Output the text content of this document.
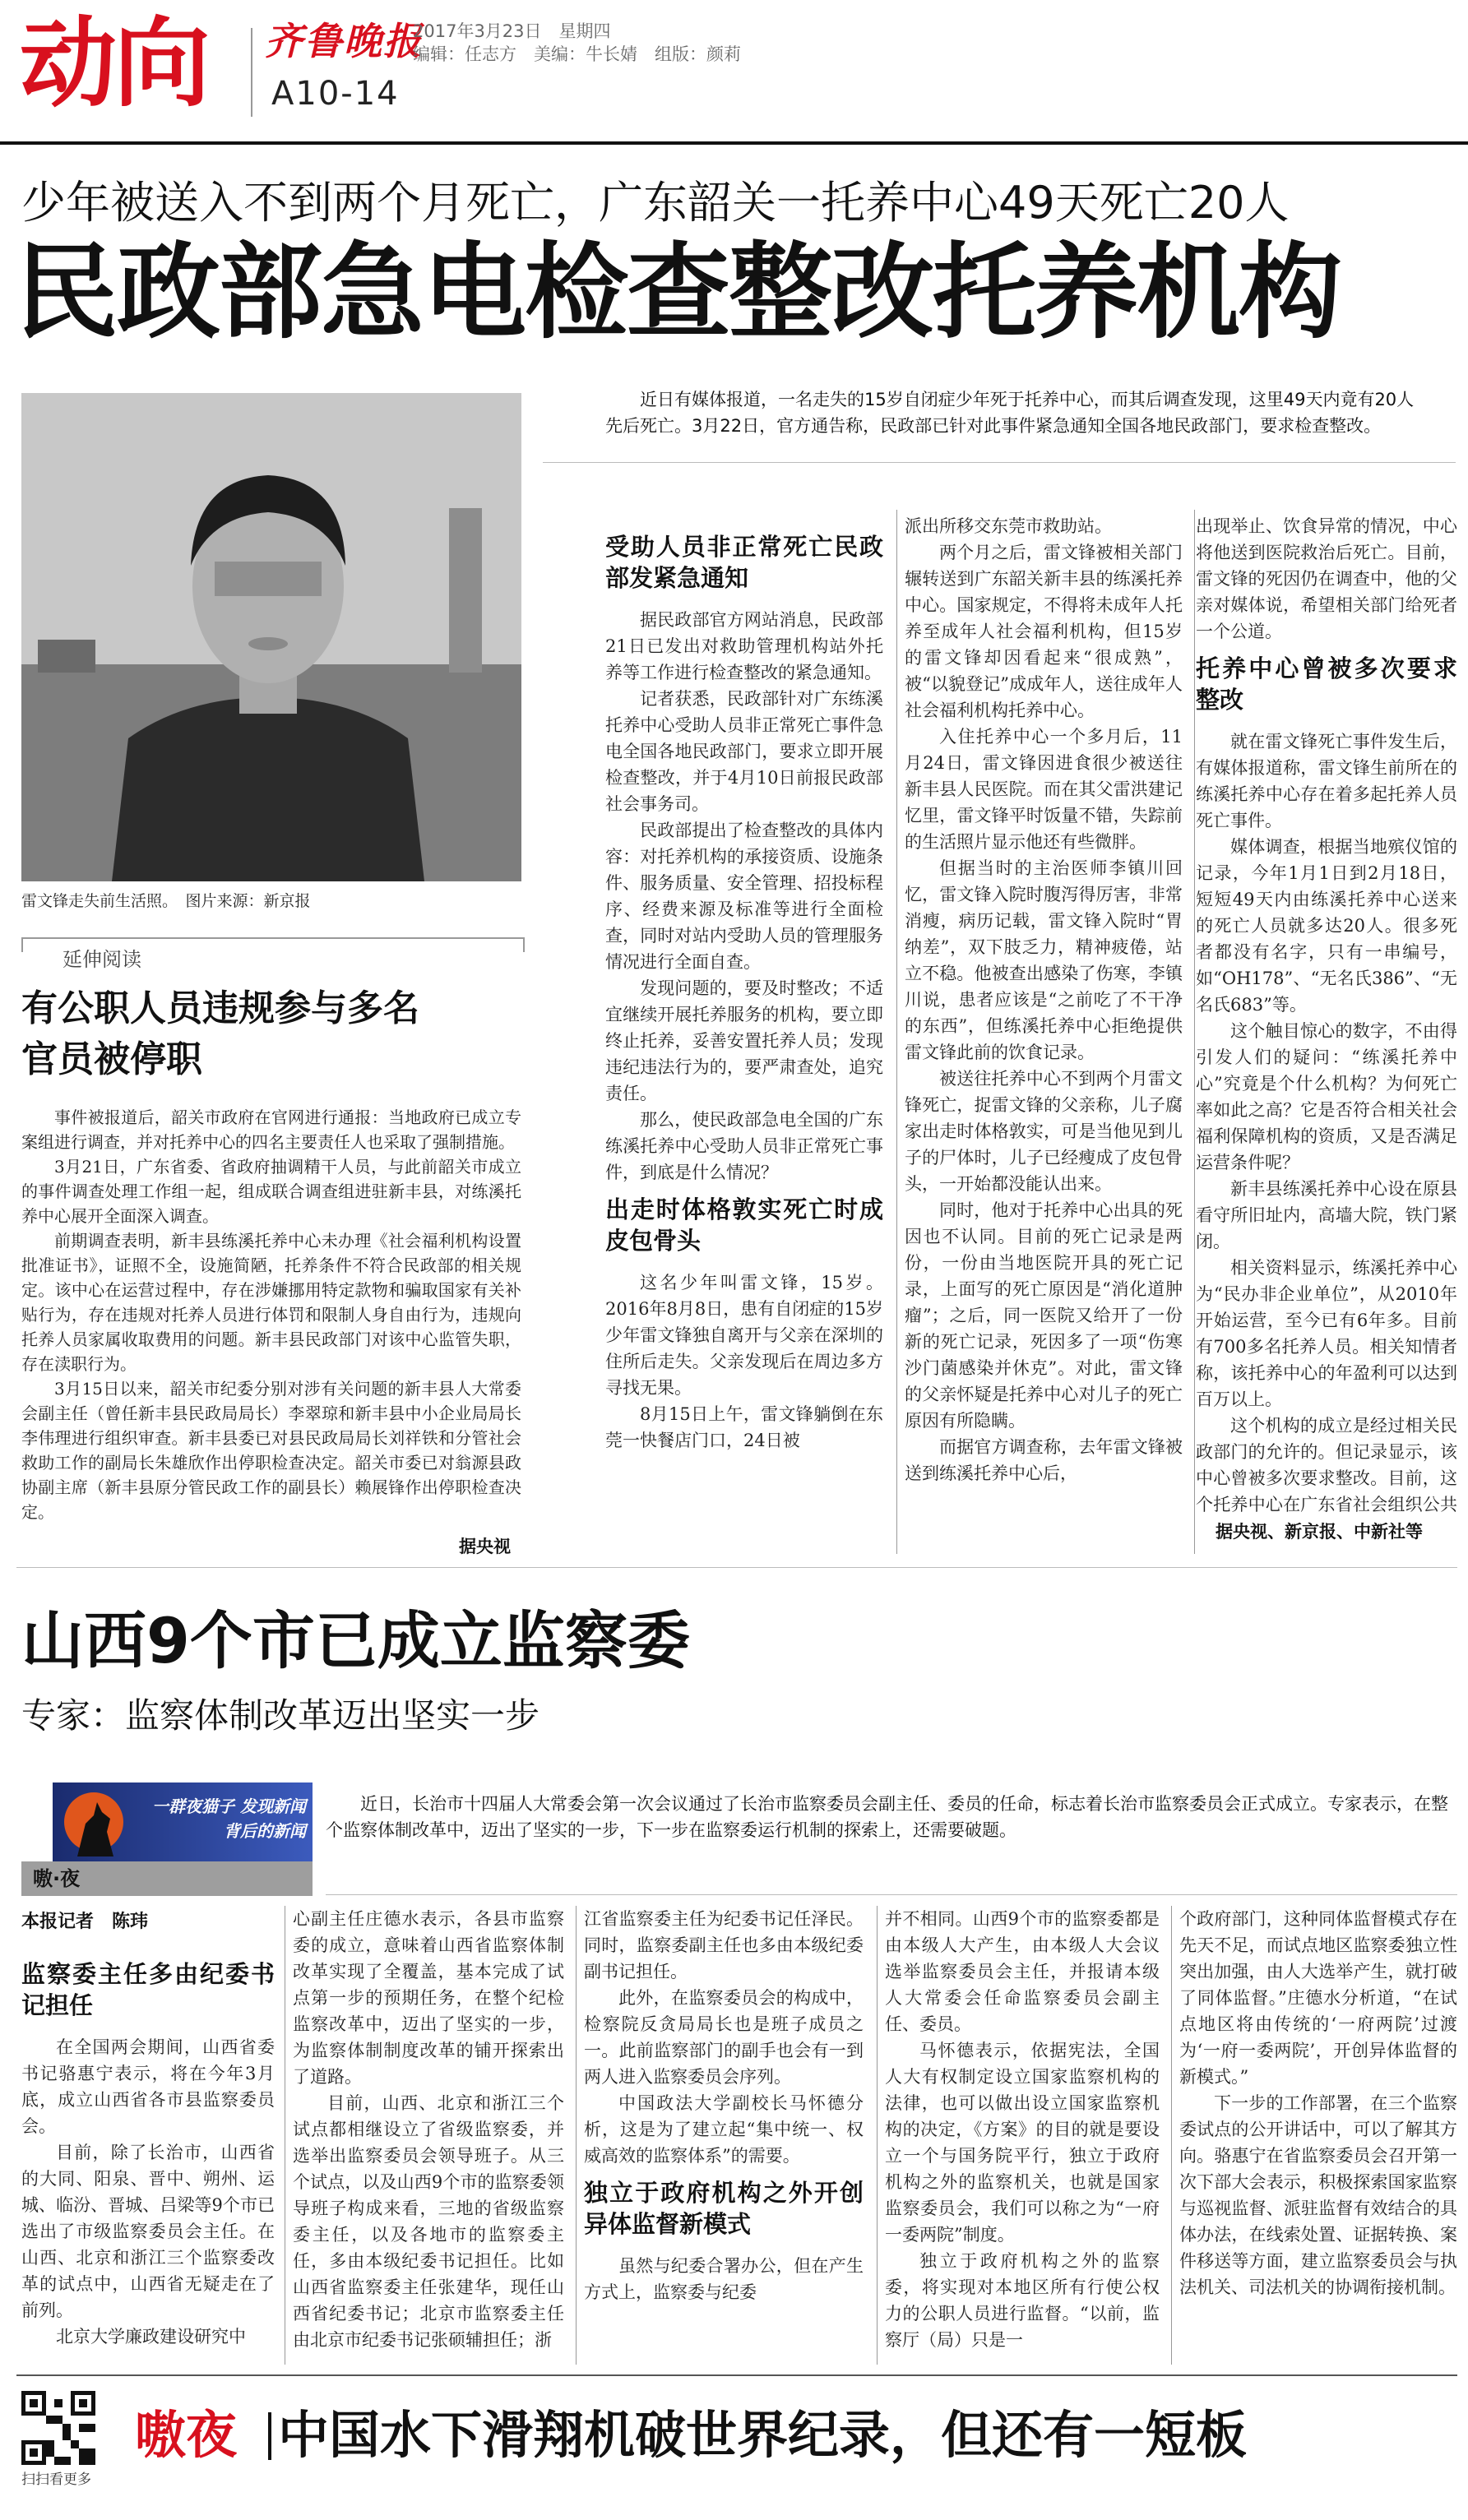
动向 齐鲁晚报
2017年3月23日　星期四
编辑：任志方　美编：牛长婧　组版：颜莉
A10-14
少年被送入不到两个月死亡，广东韶关一托养中心49天死亡20人
民政部急电检查整改托养机构
雷文锋走失前生活照。　图片来源：新京报
延伸阅读
有公职人员违规参与多名官员被停职

事件被报道后，韶关市政府在官网进行通报：当地政府已成立专案组进行调查，并对托养中心的四名主要责任人也采取了强制措施。

3月21日，广东省委、省政府抽调精干人员，与此前韶关市成立的事件调查处理工作组一起，组成联合调查组进驻新丰县，对练溪托养中心展开全面深入调查。

前期调查表明，新丰县练溪托养中心未办理《社会福利机构设置批准证书》，证照不全，设施简陋，托养条件不符合民政部的相关规定。该中心在运营过程中，存在涉嫌挪用特定款物和骗取国家有关补贴行为，存在违规对托养人员进行体罚和限制人身自由行为，违规向托养人员家属收取费用的问题。新丰县民政部门对该中心监管失职，存在渎职行为。

3月15日以来，韶关市纪委分别对涉有关问题的新丰县人大常委会副主任（曾任新丰县民政局局长）李翠琼和新丰县中小企业局局长李伟理进行组织审查。新丰县委已对县民政局局长刘祥铁和分管社会救助工作的副局长朱雄欣作出停职检查决定。韶关市委已对翁源县政协副主席（新丰县原分管民政工作的副县长）赖展锋作出停职检查决定。

据央视

近日有媒体报道，一名走失的15岁自闭症少年死于托养中心，而其后调查发现，这里49天内竟有20人先后死亡。3月22日，官方通告称，民政部已针对此事件紧急通知全国各地民政部门，要求检查整改。

受助人员非正常死亡民政部发紧急通知

据民政部官方网站消息，民政部21日已发出对救助管理机构站外托养等工作进行检查整改的紧急通知。

记者获悉，民政部针对广东练溪托养中心受助人员非正常死亡事件急电全国各地民政部门，要求立即开展检查整改，并于4月10日前报民政部社会事务司。

民政部提出了检查整改的具体内容：对托养机构的承接资质、设施条件、服务质量、安全管理、招投标程序、经费来源及标准等进行全面检查，同时对站内受助人员的管理服务情况进行全面自查。

发现问题的，要及时整改；不适宜继续开展托养服务的机构，要立即终止托养，妥善安置托养人员；发现违纪违法行为的，要严肃查处，追究责任。

那么，使民政部急电全国的广东练溪托养中心受助人员非正常死亡事件，到底是什么情况？

出走时体格敦实死亡时成皮包骨头

这名少年叫雷文锋，15岁。2016年8月8日，患有自闭症的15岁少年雷文锋独自离开与父亲在深圳的住所后走失。父亲发现后在周边多方寻找无果。

8月15日上午，雷文锋躺倒在东莞一快餐店门口，24日被

派出所移交东莞市救助站。

两个月之后，雷文锋被相关部门辗转送到广东韶关新丰县的练溪托养中心。国家规定，不得将未成年人托养至成年人社会福利机构，但15岁的雷文锋却因看起来“很成熟”，被“以貌登记”成成年人，送往成年人社会福利机构托养中心。

入住托养中心一个多月后，11月24日，雷文锋因进食很少被送往新丰县人民医院。而在其父雷洪建记忆里，雷文锋平时饭量不错，失踪前的生活照片显示他还有些微胖。

但据当时的主治医师李镇川回忆，雷文锋入院时腹泻得厉害，非常消瘦，病历记载，雷文锋入院时“胃纳差”，双下肢乏力，精神疲倦，站立不稳。他被查出感染了伤寒，李镇川说，患者应该是“之前吃了不干净的东西”，但练溪托养中心拒绝提供雷文锋此前的饮食记录。

被送往托养中心不到两个月雷文锋死亡，捉雷文锋的父亲称，儿子腐家出走时体格敦实，可是当他见到儿子的尸体时，儿子已经瘦成了皮包骨头，一开始都没能认出来。

同时，他对于托养中心出具的死因也不认同。目前的死亡记录是两份，一份由当地医院开具的死亡记录，上面写的死亡原因是“消化道肿瘤”；之后，同一医院又给开了一份新的死亡记录，死因多了一项“伤寒沙门菌感染并休克”。对此，雷文锋的父亲怀疑是托养中心对儿子的死亡原因有所隐瞒。

而据官方调查称，去年雷文锋被送到练溪托养中心后，

出现举止、饮食异常的情况，中心将他送到医院救治后死亡。目前，雷文锋的死因仍在调查中，他的父亲对媒体说，希望相关部门给死者一个公道。

托养中心曾被多次要求整改

就在雷文锋死亡事件发生后，有媒体报道称，雷文锋生前所在的练溪托养中心存在着多起托养人员死亡事件。

媒体调查，根据当地殡仪馆的记录，今年1月1日到2月18日，短短49天内由练溪托养中心送来的死亡人员就多达20人。很多死者都没有名字，只有一串编号，如“OH178”、“无名氏386”、“无名氏683”等。

这个触目惊心的数字，不由得引发人们的疑问：“练溪托养中心”究竟是个什么机构？为何死亡率如此之高？它是否符合相关社会福利保障机构的资质，又是否满足运营条件呢？

新丰县练溪托养中心设在原县看守所旧址内，高墙大院，铁门紧闭。

相关资料显示，练溪托养中心为“民办非企业单位”，从2010年开始运营，至今已有6年多。目前有700多名托养人员。相关知情者称，该托养中心的年盈利可以达到百万以上。

这个机构的成立是经过相关民政部门的允许的。但记录显示，该中心曾被多次要求整改。目前，这个托养中心在广东省社会组织公共

据央视、新京报、中新社等
山西9个市已成立监察委
专家：监察体制改革迈出坚实一步
一群夜猫子 发现新闻背后的新闻
嗷·夜
本报记者　陈玮

近日，长治市十四届人大常委会第一次会议通过了长治市监察委员会副主任、委员的任命，标志着长治市监察委员会正式成立。专家表示，在整个监察体制改革中，迈出了坚实的一步，下一步在监察委运行机制的探索上，还需要破题。

监察委主任多由纪委书记担任

在全国两会期间，山西省委书记骆惠宁表示，将在今年3月底，成立山西省各市县监察委员会。

目前，除了长治市，山西省的大同、阳泉、晋中、朔州、运城、临汾、晋城、吕梁等9个市已选出了市级监察委员会主任。在山西、北京和浙江三个监察委改革的试点中，山西省无疑走在了前列。

北京大学廉政建设研究中

心副主任庄德水表示，各县市监察委的成立，意味着山西省监察体制改革实现了全覆盖，基本完成了试点第一步的预期任务，在整个纪检监察改革中，迈出了坚实的一步，为监察体制制度改革的铺开探索出了道路。

目前，山西、北京和浙江三个试点都相继设立了省级监察委，并选举出监察委员会领导班子。从三个试点，以及山西9个市的监察委领导班子构成来看，三地的省级监察委主任，以及各地市的监察委主任，多由本级纪委书记担任。比如山西省监察委主任张建华，现任山西省纪委书记；北京市监察委主任由北京市纪委书记张硕辅担任；浙

江省监察委主任为纪委书记任泽民。同时，监察委副主任也多由本级纪委副书记担任。

此外，在监察委员会的构成中，检察院反贪局局长也是班子成员之一。此前监察部门的副手也会有一到两人进入监察委员会序列。

中国政法大学副校长马怀德分析，这是为了建立起“集中统一、权威高效的监察体系”的需要。

独立于政府机构之外开创异体监督新模式

虽然与纪委合署办公，但在产生方式上，监察委与纪委

并不相同。山西9个市的监察委都是由本级人大产生，由本级人大会议选举监察委员会主任，并报请本级人大常委会任命监察委员会副主任、委员。

马怀德表示，依据宪法，全国人大有权制定设立国家监察机构的法律，也可以做出设立国家监察机构的决定，《方案》的目的就是要设立一个与国务院平行，独立于政府机构之外的监察机关，也就是国家监察委员会，我们可以称之为“一府一委两院”制度。

独立于政府机构之外的监察委，将实现对本地区所有行使公权力的公职人员进行监督。“以前，监察厅（局）只是一

个政府部门，这种同体监督模式存在先天不足，而试点地区监察委独立性突出加强，由人大选举产生，就打破了同体监督。”庄德水分析道，“在试点地区将由传统的‘一府两院’过渡为‘一府一委两院’，开创异体监督的新模式。”

下一步的工作部署，在三个监察委试点的公开讲话中，可以了解其方向。骆惠宁在省监察委员会召开第一次下部大会表示，积极探索国家监察与巡视监督、派驻监督有效结合的具体办法，在线索处置、证据转换、案件移送等方面，建立监察委员会与执法机关、司法机关的协调衔接机制。

扫扫看更多
嗷夜 中国水下滑翔机破世界纪录，但还有一短板
